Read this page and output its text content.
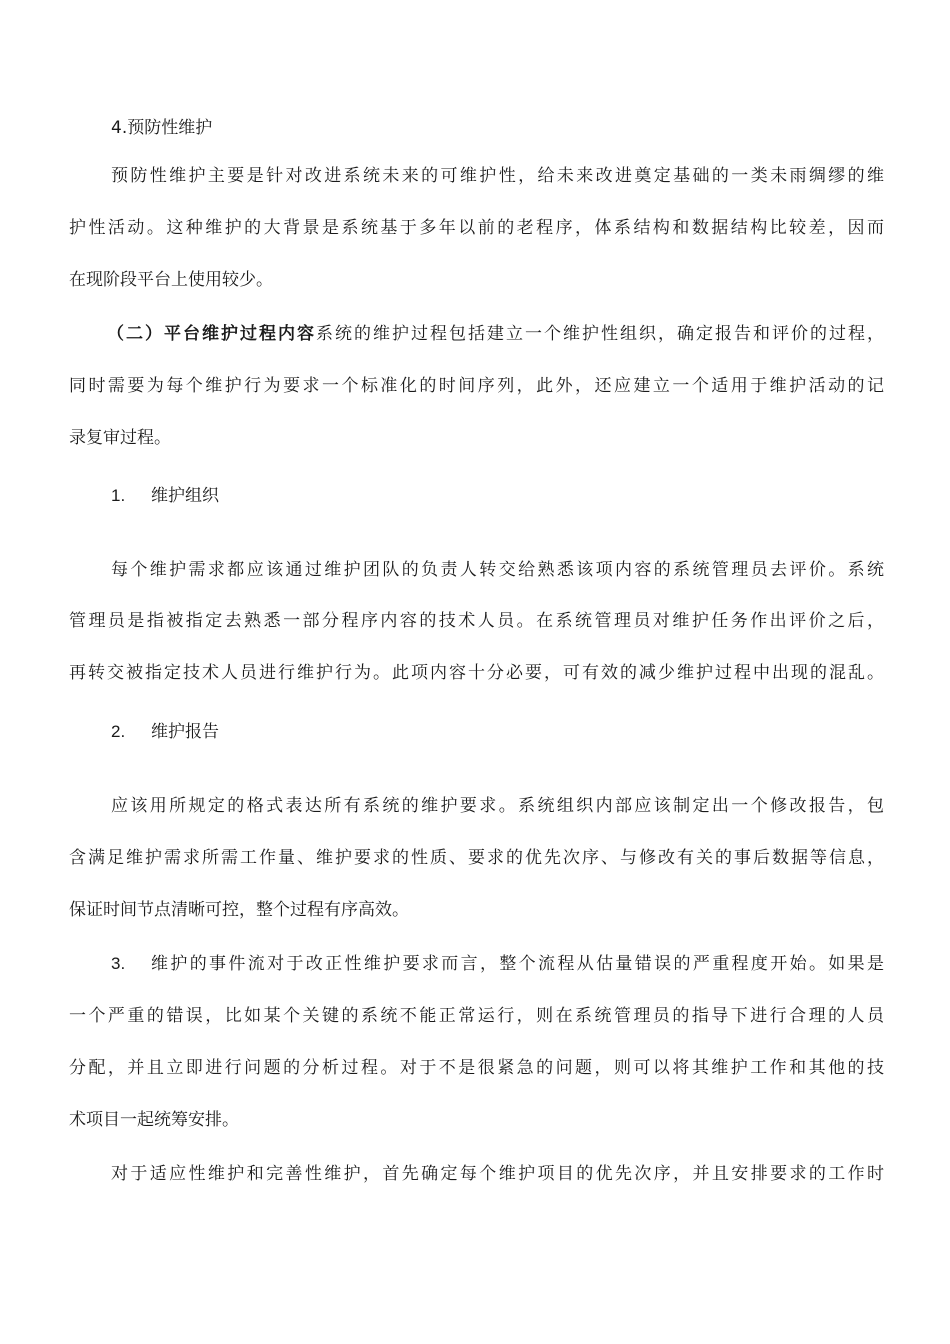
4.预防性维护
预防性维护主要是针对改进系统未来的可维护性，给未来改进奠定基础的一类未雨绸缪的维
护性活动。这种维护的大背景是系统基于多年以前的老程序，体系结构和数据结构比较差，因而
在现阶段平台上使用较少。
（二）平台维护过程内容系统的维护过程包括建立一个维护性组织，确定报告和评价的过程，
同时需要为每个维护行为要求一个标准化的时间序列，此外，还应建立一个适用于维护活动的记
录复审过程。
1. 维护组织
每个维护需求都应该通过维护团队的负责人转交给熟悉该项内容的系统管理员去评价。系统
管理员是指被指定去熟悉一部分程序内容的技术人员。在系统管理员对维护任务作出评价之后，
再转交被指定技术人员进行维护行为。此项内容十分必要，可有效的减少维护过程中出现的混乱。
2. 维护报告
应该用所规定的格式表达所有系统的维护要求。系统组织内部应该制定出一个修改报告，包
含满足维护需求所需工作量、维护要求的性质、要求的优先次序、与修改有关的事后数据等信息，
保证时间节点清晰可控，整个过程有序高效。
3. 维护的事件流对于改正性维护要求而言，整个流程从估量错误的严重程度开始。如果是
一个严重的错误，比如某个关键的系统不能正常运行，则在系统管理员的指导下进行合理的人员
分配，并且立即进行问题的分析过程。对于不是很紧急的问题，则可以将其维护工作和其他的技
术项目一起统筹安排。
对于适应性维护和完善性维护，首先确定每个维护项目的优先次序，并且安排要求的工作时
